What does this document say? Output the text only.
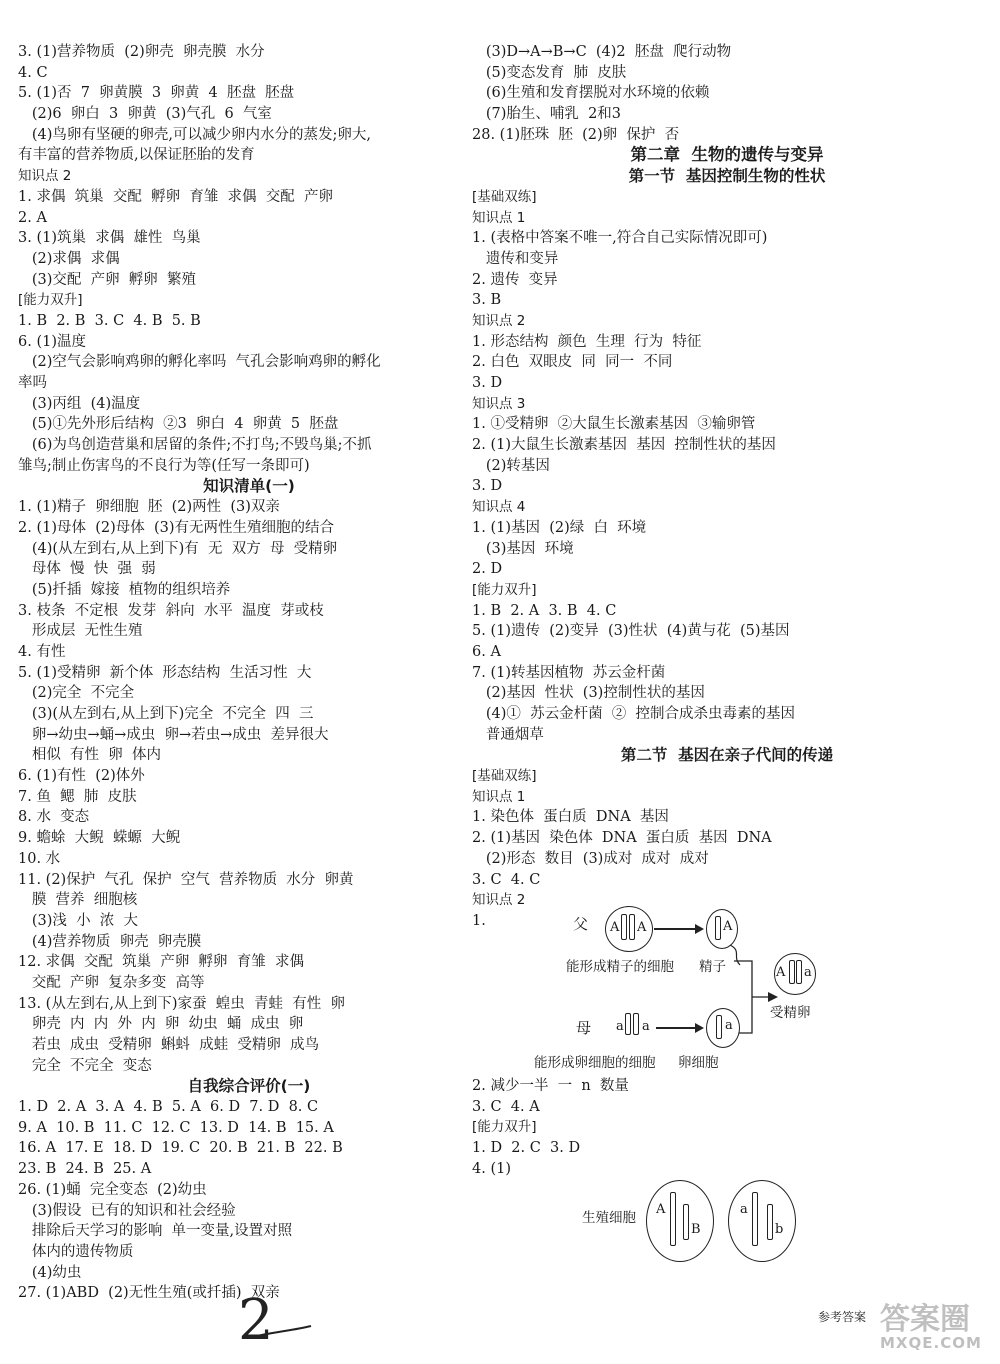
3. (1)营养物质  (2)卵壳  卵壳膜  水分
4. C
5. (1)否  7  卵黄膜  3  卵黄  4  胚盘  胚盘
(2)6  卵白  3  卵黄  (3)气孔  6  气室
(4)鸟卵有坚硬的卵壳,可以减少卵内水分的蒸发;卵大,
有丰富的营养物质,以保证胚胎的发育
知识点 2
1. 求偶  筑巢  交配  孵卵  育雏  求偶  交配  产卵
2. A
3. (1)筑巢  求偶  雄性  鸟巢
(2)求偶  求偶
(3)交配  产卵  孵卵  繁殖
[能力双升]
1. B  2. B  3. C  4. B  5. B
6. (1)温度
(2)空气会影响鸡卵的孵化率吗  气孔会影响鸡卵的孵化
率吗
(3)丙组  (4)温度
(5)①先外形后结构  ②3  卵白  4  卵黄  5  胚盘
(6)为鸟创造营巢和居留的条件;不打鸟;不毁鸟巢;不抓
雏鸟;制止伤害鸟的不良行为等(任写一条即可)
知识清单(一)
1. (1)精子  卵细胞  胚  (2)两性  (3)双亲
2. (1)母体  (2)母体  (3)有无两性生殖细胞的结合
(4)(从左到右,从上到下)有  无  双方  母  受精卵
母体  慢  快  强  弱
(5)扦插  嫁接  植物的组织培养
3. 枝条  不定根  发芽  斜向  水平  温度  芽或枝
形成层  无性生殖
4. 有性
5. (1)受精卵  新个体  形态结构  生活习性  大
(2)完全  不完全
(3)(从左到右,从上到下)完全  不完全  四  三
卵→幼虫→蛹→成虫  卵→若虫→成虫  差异很大
相似  有性  卵  体内
6. (1)有性  (2)体外
7. 鱼  鳃  肺  皮肤
8. 水  变态
9. 蟾蜍  大鲵  蝾螈  大鲵
10. 水
11. (2)保护  气孔  保护  空气  营养物质  水分  卵黄
膜  营养  细胞核
(3)浅  小  浓  大
(4)营养物质  卵壳  卵壳膜
12. 求偶  交配  筑巢  产卵  孵卵  育雏  求偶
交配  产卵  复杂多变  高等
13. (从左到右,从上到下)家蚕  蝗虫  青蛙  有性  卵
卵壳  内  内  外  内  卵  幼虫  蛹  成虫  卵
若虫  成虫  受精卵  蝌蚪  成蛙  受精卵  成鸟
完全  不完全  变态
自我综合评价(一)
1. D  2. A  3. A  4. B  5. A  6. D  7. D  8. C
9. A  10. B  11. C  12. C  13. D  14. B  15. A
16. A  17. E  18. D  19. C  20. B  21. B  22. B
23. B  24. B  25. A
26. (1)蛹  完全变态  (2)幼虫
(3)假设  已有的知识和社会经验
排除后天学习的影响  单一变量,设置对照
体内的遗传物质
(4)幼虫
27. (1)ABD  (2)无性生殖(或扦插)  双亲
(3)D→A→B→C  (4)2  胚盘  爬行动物
(5)变态发育  肺  皮肤
(6)生殖和发育摆脱对水环境的依赖
(7)胎生、哺乳  2和3
28. (1)胚珠  胚  (2)卵  保护  否
第二章  生物的遗传与变异
第一节  基因控制生物的性状
[基础双练]
知识点 1
1. (表格中答案不唯一,符合自己实际情况即可)
遗传和变异
2. 遗传  变异
3. B
知识点 2
1. 形态结构  颜色  生理  行为  特征
2. 白色  双眼皮  同  同一  不同
3. D
知识点 3
1. ①受精卵  ②大鼠生长激素基因  ③输卵管
2. (1)大鼠生长激素基因  基因  控制性状的基因
(2)转基因
3. D
知识点 4
1. (1)基因  (2)绿  白  环境
(3)基因  环境
2. D
[能力双升]
1. B  2. A  3. B  4. C
5. (1)遗传  (2)变异  (3)性状  (4)黄与花  (5)基因
6. A
7. (1)转基因植物  苏云金杆菌
(2)基因  性状  (3)控制性状的基因
(4)①  苏云金杆菌  ②  控制合成杀虫毒素的基因
普通烟草
第二节  基因在亲子代间的传递
[基础双练]
知识点 1
1. 染色体  蛋白质  DNA  基因
2. (1)基因  染色体  DNA  蛋白质  基因  DNA
(2)形态  数目  (3)成对  成对  成对
3. C  4. C
知识点 2
1.	父 A A	A
能形成精子的细胞 精子	A a
受精卵
母 a a	a
能形成卵细胞的细胞 卵细胞
2. 减少一半  一  n  数量
3. C  4. A
[能力双升]
1. D  2. C  3. D
4. (1)
生殖细胞
A
B
a
b
2	参考答案 答案圈
MXQE.COM
